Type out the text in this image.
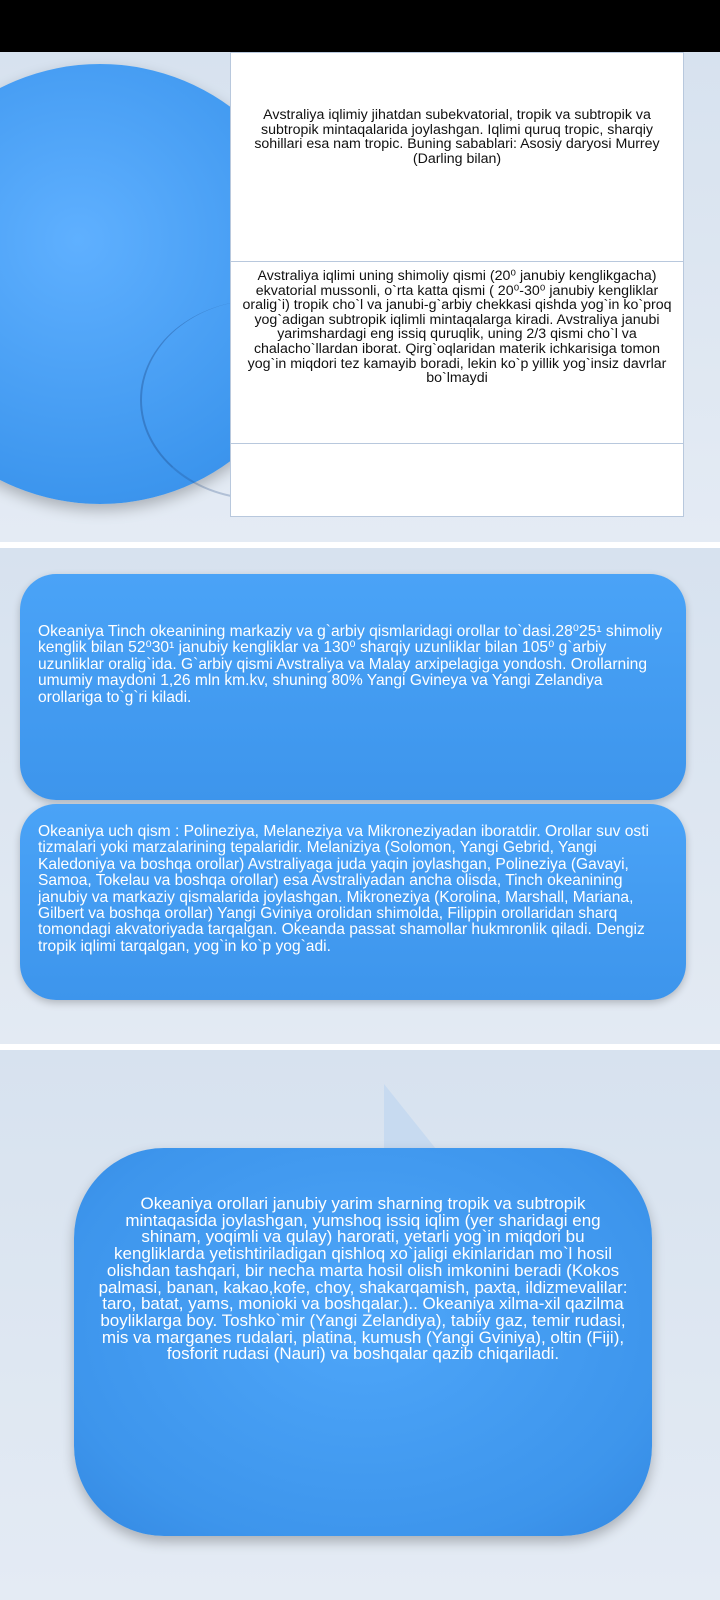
Avstraliya iqlimiy jihatdan subekvatorial, tropik va subtropik va subtropik mintaqalarida joylashgan. Iqlimi quruq tropic, sharqiy sohillari esa nam tropic. Buning sabablari: Asosiy daryosi Murrey (Darling bilan)
Avstraliya iqlimi uning shimoliy qismi (20⁰ janubiy kenglikgacha) ekvatorial mussonli, o`rta katta qismi ( 20⁰-30⁰ janubiy kengliklar oralig`i) tropik cho`l va janubi-g`arbiy chekkasi qishda yog`in ko`proq yog`adigan subtropik iqlimli mintaqalarga kiradi. Avstraliya janubi yarimshardagi eng issiq quruqlik, uning 2/3 qismi cho`l va chalacho`llardan iborat. Qirg`oqlaridan materik ichkarisiga tomon yog`in miqdori tez kamayib boradi, lekin ko`p yillik yog`insiz davrlar bo`lmaydi

Okeaniya Tinch okeanining markaziy va g`arbiy qismlaridagi orollar to`dasi.28⁰25¹ shimoliy kenglik bilan 52⁰30¹ janubiy kengliklar va 130⁰ sharqiy uzunliklar bilan 105⁰ g`arbiy uzunliklar oralig`ida. G`arbiy qismi Avstraliya va Malay arxipelagiga yondosh. Orollarning umumiy maydoni 1,26 mln km.kv, shuning 80% Yangi Gvineya va Yangi Zelandiya orollariga to`g`ri kiladi.

Okeaniya uch qism : Polineziya, Melaneziya va Mikroneziyadan iboratdir. Orollar suv osti tizmalari yoki marzalarining tepalaridir. Melaniziya (Solomon, Yangi Gebrid, Yangi Kaledoniya va boshqa orollar) Avstraliyaga juda yaqin joylashgan, Polineziya (Gavayi, Samoa, Tokelau va boshqa orollar) esa Avstraliyadan ancha olisda, Tinch okeanining janubiy va markaziy qismalarida joylashgan. Mikroneziya (Korolina, Marshall, Mariana, Gilbert va boshqa orollar) Yangi Gviniya orolidan shimolda, Filippin orollaridan sharq tomondagi akvatoriyada tarqalgan. Okeanda passat shamollar hukmronlik qiladi. Dengiz tropik iqlimi tarqalgan, yog`in ko`p yog`adi.

Okeaniya orollari janubiy yarim sharning tropik va subtropik mintaqasida joylashgan, yumshoq issiq iqlim (yer sharidagi eng shinam, yoqimli va qulay) harorati, yetarli yog`in miqdori bu kengliklarda yetishtiriladigan qishloq xo`jaligi ekinlaridan mo`l hosil olishdan tashqari, bir necha marta hosil olish imkonini beradi (Kokos palmasi, banan, kakao,kofe, choy, shakarqamish, paxta, ildizmevalilar: taro, batat, yams, monioki va boshqalar.).. Okeaniya xilma-xil qazilma boyliklarga boy. Toshko`mir (Yangi Zelandiya), tabiiy gaz, temir rudasi, mis va marganes rudalari, platina, kumush (Yangi Gviniya), oltin (Fiji), fosforit rudasi (Nauri) va boshqalar qazib chiqariladi.
